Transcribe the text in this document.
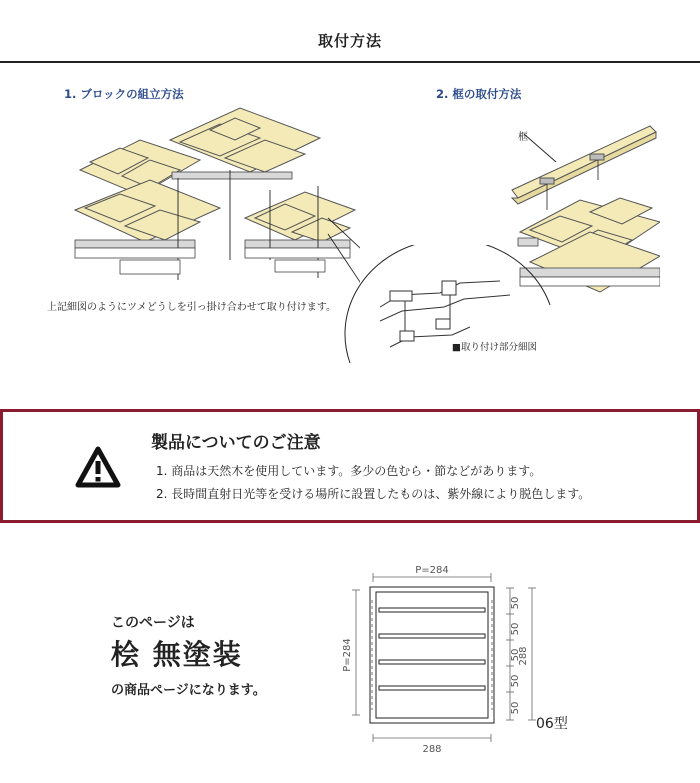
取付方法
1. ブロックの組立方法	2. 框の取付方法
上記細図のようにツメどうしを引っ掛け合わせて取り付けます。
框
■取り付け部分細図
製品についてのご注意
1. 商品は天然木を使用しています。多少の色むら・節などがあります。
2. 長時間直射日光等を受ける場所に設置したものは、紫外線により脱色します。
このページは
桧 無塗装
の商品ページになります。
P=284
P=284
288
288
50
50
50
50
50
06型
